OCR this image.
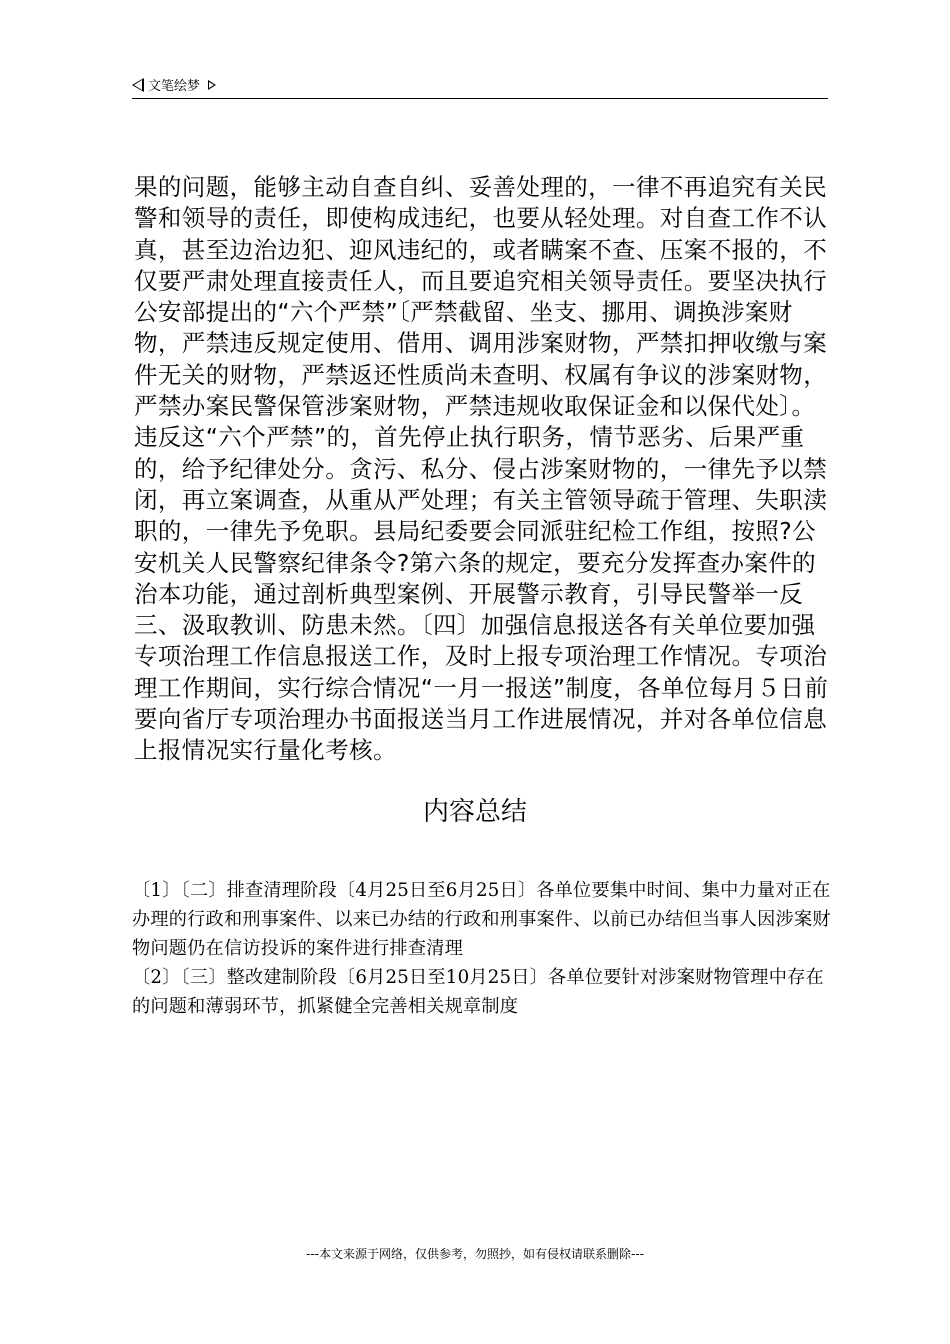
文笔绘梦

果的问题，能够主动自查自纠、妥善处理的，一律不再追究有关民警和领导的责任，即使构成违纪，也要从轻处理。对自查工作不认真，甚至边治边犯、迎风违纪的，或者瞒案不查、压案不报的，不仅要严肃处理直接责任人，而且要追究相关领导责任。要坚决执行公安部提出的“六个严禁”〔严禁截留、坐支、挪用、调换涉案财物，严禁违反规定使用、借用、调用涉案财物，严禁扣押收缴与案件无关的财物，严禁返还性质尚未查明、权属有争议的涉案财物，严禁办案民警保管涉案财物，严禁违规收取保证金和以保代处〕。违反这“六个严禁”的，首先停止执行职务，情节恶劣、后果严重的，给予纪律处分。贪污、私分、侵占涉案财物的，一律先予以禁闭，再立案调查，从重从严处理；有关主管领导疏于管理、失职渎职的，一律先予免职。县局纪委要会同派驻纪检工作组，按照?公安机关人民警察纪律条令?第六条的规定，要充分发挥查办案件的治本功能，通过剖析典型案例、开展警示教育，引导民警举一反三、汲取教训、防患未然。〔四〕加强信息报送各有关单位要加强专项治理工作信息报送工作，及时上报专项治理工作情况。专项治理工作期间，实行综合情况“一月一报送”制度，各单位每月５日前要向省厅专项治理办书面报送当月工作进展情况，并对各单位信息上报情况实行量化考核。

内容总结

〔1〕〔二〕排查清理阶段〔4月25日至6月25日〕各单位要集中时间、集中力量对正在办理的行政和刑事案件、以来已办结的行政和刑事案件、以前已办结但当事人因涉案财物问题仍在信访投诉的案件进行排查清理

〔2〕〔三〕整改建制阶段〔6月25日至10月25日〕各单位要针对涉案财物管理中存在的问题和薄弱环节，抓紧健全完善相关规章制度

---本文来源于网络，仅供参考，勿照抄，如有侵权请联系删除---
